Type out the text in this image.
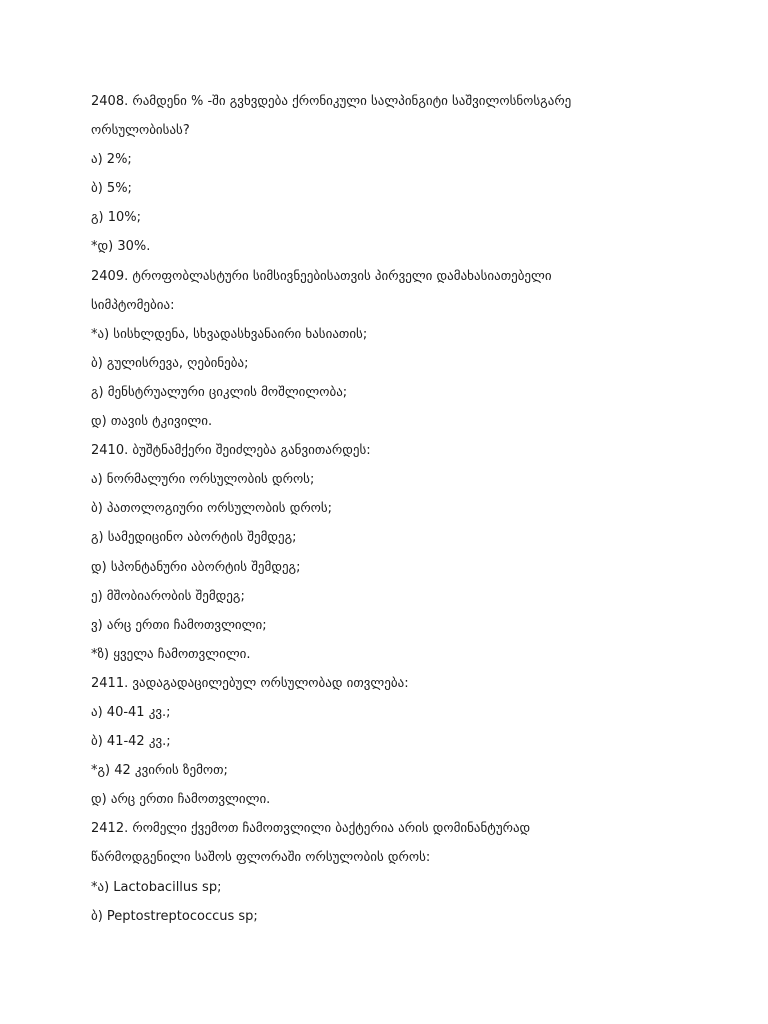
2408. რამდენი % -ში გვხვდება ქრონიკული სალპინგიტი საშვილოსნოსგარე
ორსულობისას?
ა) 2%;
ბ) 5%;
გ) 10%;
*დ) 30%.
2409. ტროფობლასტური სიმსივნეებისათვის პირველი დამახასიათებელი
სიმპტომებია:
*ა) სისხლდენა, სხვადასხვანაირი ხასიათის;
ბ) გულისრევა, ღებინება;
გ) მენსტრუალური ციკლის მოშლილობა;
დ) თავის ტკივილი.
2410. ბუშტნამქერი შეიძლება განვითარდეს:
ა) ნორმალური ორსულობის დროს;
ბ) პათოლოგიური ორსულობის დროს;
გ) სამედიცინო აბორტის შემდეგ;
დ) სპონტანური აბორტის შემდეგ;
ე) მშობიარობის შემდეგ;
ვ) არც ერთი ჩამოთვლილი;
*ზ) ყველა ჩამოთვლილი.
2411. ვადაგადაცილებულ ორსულობად ითვლება:
ა) 40-41 კვ.;
ბ) 41-42 კვ.;
*გ) 42 კვირის ზემოთ;
დ) არც ერთი ჩამოთვლილი.
2412. რომელი ქვემოთ ჩამოთვლილი ბაქტერია არის დომინანტურად
წარმოდგენილი საშოს ფლორაში ორსულობის დროს:
*ა) Lactobacillus sp;
ბ) Peptostreptococcus sp;
